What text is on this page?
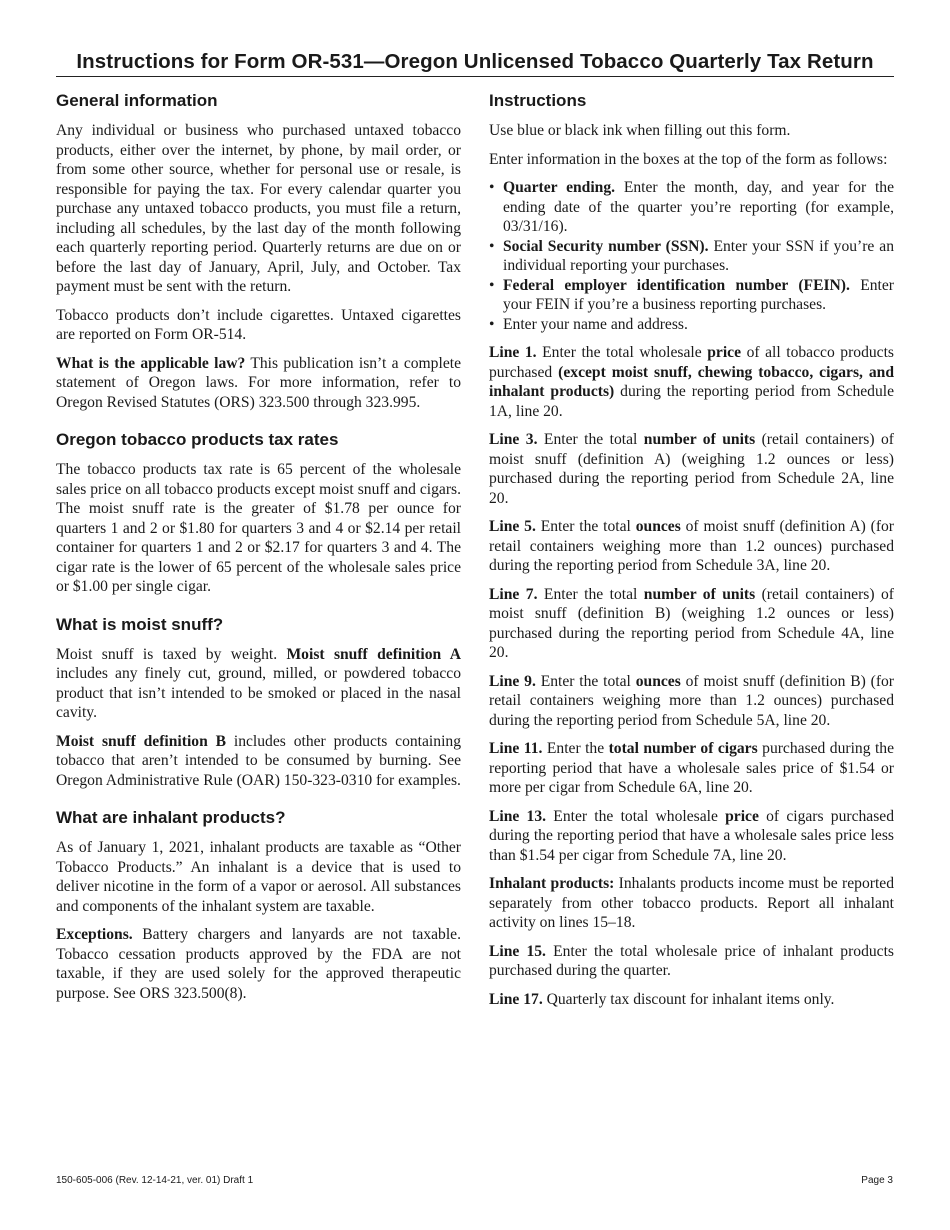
Instructions for Form OR-531—Oregon Unlicensed Tobacco Quarterly Tax Return
General information

Any individual or business who purchased untaxed tobacco products, either over the internet, by phone, by mail order, or from some other source, whether for personal use or resale, is responsible for paying the tax. For every calendar quarter you purchase any untaxed tobacco products, you must file a return, including all schedules, by the last day of the month following each quarterly reporting period. Quarterly returns are due on or before the last day of January, April, July, and October. Tax payment must be sent with the return.

Tobacco products don’t include cigarettes. Untaxed cigarettes are reported on Form OR-514.

What is the applicable law? This publication isn’t a complete statement of Oregon laws. For more information, refer to Oregon Revised Statutes (ORS) 323.500 through 323.995.

Oregon tobacco products tax rates

The tobacco products tax rate is 65 percent of the wholesale sales price on all tobacco products except moist snuff and cigars. The moist snuff rate is the greater of $1.78 per ounce for quarters 1 and 2 or $1.80 for quarters 3 and 4 or $2.14 per retail container for quarters 1 and 2 or $2.17 for quarters 3 and 4. The cigar rate is the lower of 65 percent of the wholesale sales price or $1.00 per single cigar.

What is moist snuff?

Moist snuff is taxed by weight. Moist snuff definition A includes any finely cut, ground, milled, or powdered tobacco product that isn’t intended to be smoked or placed in the nasal cavity.

Moist snuff definition B includes other products containing tobacco that aren’t intended to be consumed by burning. See Oregon Administrative Rule (OAR) 150-323-0310 for examples.

What are inhalant products?

As of January 1, 2021, inhalant products are taxable as “Other Tobacco Products.” An inhalant is a device that is used to deliver nicotine in the form of a vapor or aerosol. All substances and components of the inhalant system are taxable.

Exceptions. Battery chargers and lanyards are not taxable. Tobacco cessation products approved by the FDA are not taxable, if they are used solely for the approved therapeutic purpose. See ORS 323.500(8).

Instructions

Use blue or black ink when filling out this form.

Enter information in the boxes at the top of the form as follows:

• Quarter ending. Enter the month, day, and year for the ending date of the quarter you’re reporting (for example, 03/31/16).
• Social Security number (SSN). Enter your SSN if you’re an individual reporting your purchases.
• Federal employer identification number (FEIN). Enter your FEIN if you’re a business reporting purchases.
• Enter your name and address.

Line 1. Enter the total wholesale price of all tobacco products purchased (except moist snuff, chewing tobacco, cigars, and inhalant products) during the reporting period from Schedule 1A, line 20.

Line 3. Enter the total number of units (retail containers) of moist snuff (definition A) (weighing 1.2 ounces or less) purchased during the reporting period from Schedule 2A, line 20.

Line 5. Enter the total ounces of moist snuff (definition A) (for retail containers weighing more than 1.2 ounces) purchased during the reporting period from Schedule 3A, line 20.

Line 7. Enter the total number of units (retail containers) of moist snuff (definition B) (weighing 1.2 ounces or less) purchased during the reporting period from Schedule 4A, line 20.

Line 9. Enter the total ounces of moist snuff (definition B) (for retail containers weighing more than 1.2 ounces) purchased during the reporting period from Schedule 5A, line 20.

Line 11. Enter the total number of cigars purchased during the reporting period that have a wholesale sales price of $1.54 or more per cigar from Schedule 6A, line 20.

Line 13. Enter the total wholesale price of cigars purchased during the reporting period that have a wholesale sales price less than $1.54 per cigar from Schedule 7A, line 20.

Inhalant products: Inhalants products income must be reported separately from other tobacco products. Report all inhalant activity on lines 15–18.

Line 15. Enter the total wholesale price of inhalant products purchased during the quarter.

Line 17. Quarterly tax discount for inhalant items only.

150-605-006 (Rev. 12-14-21, ver. 01) Draft 1	Page 3
